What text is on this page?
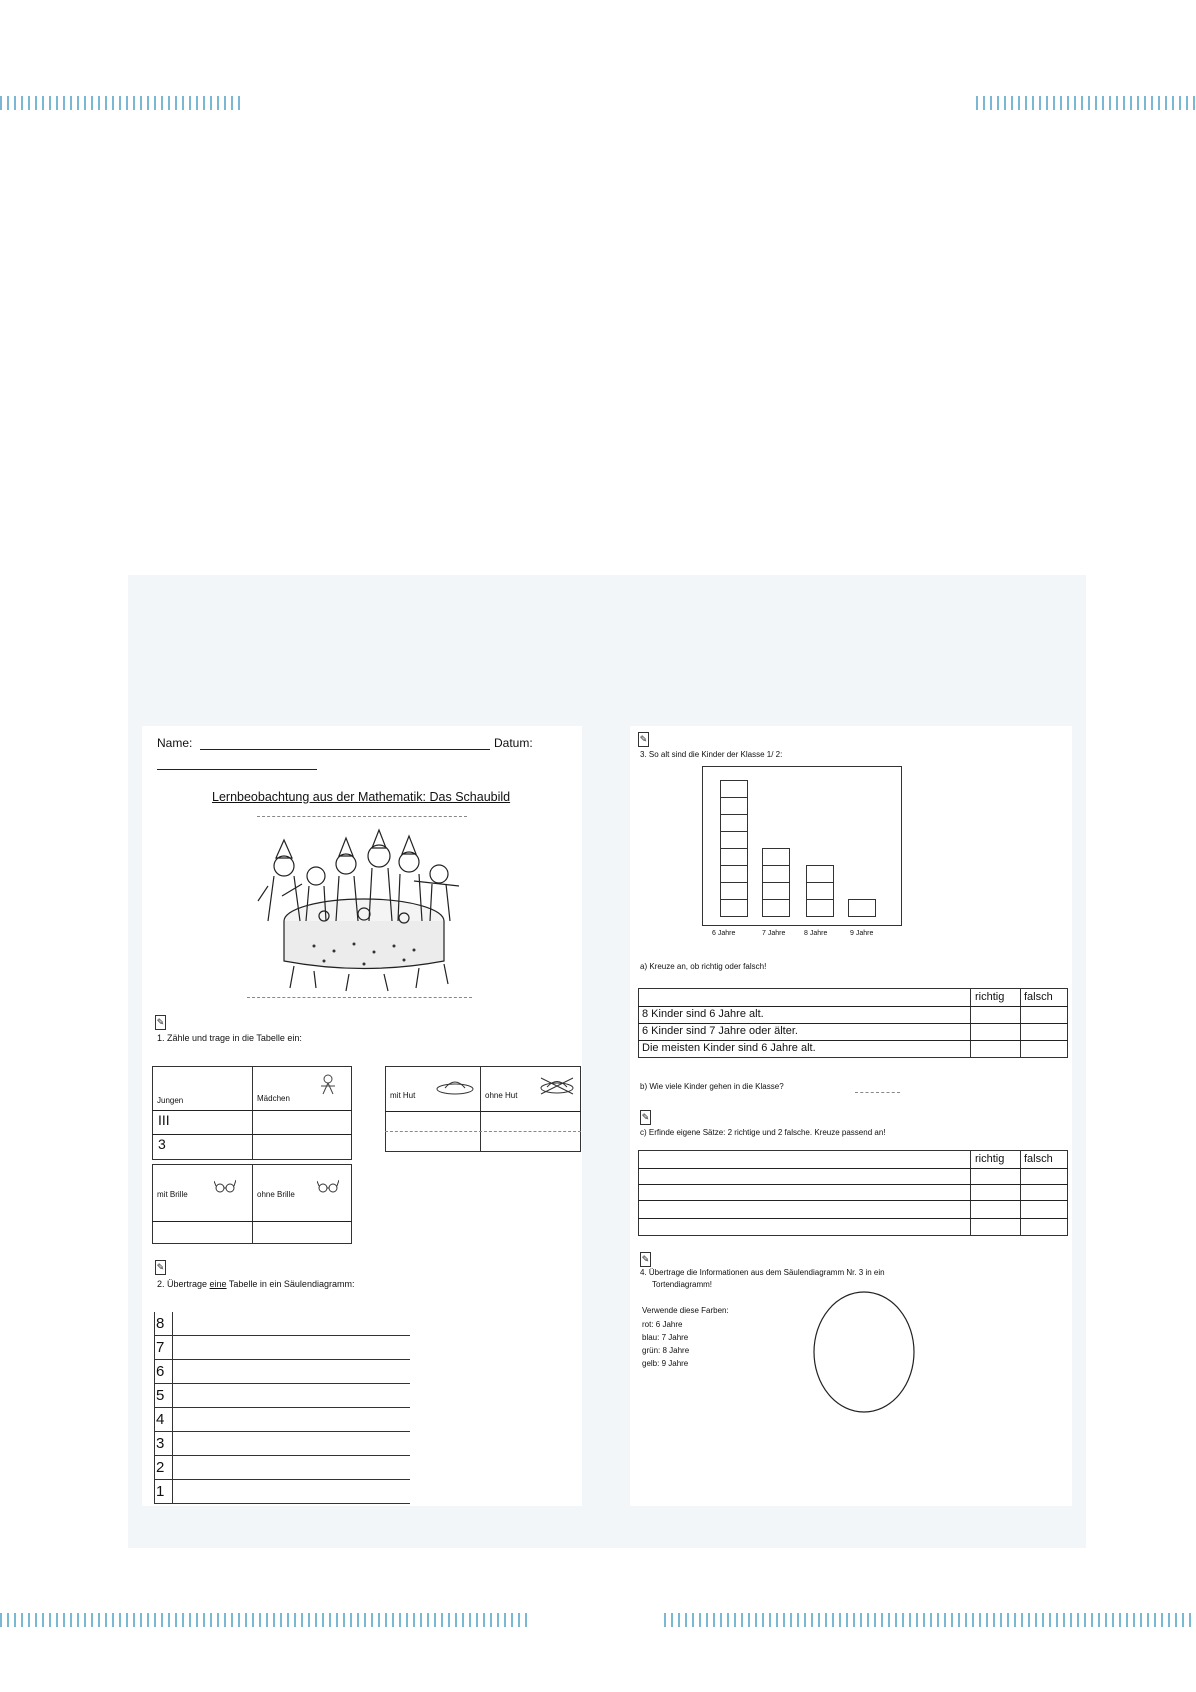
Name:	Datum:
Lernbeobachtung aus der Mathematik: Das Schaubild
✎
1. Zähle und trage in die Tabelle ein:
Jungen	Mädchen
III
3
mit Hut	ohne Hut
mit Brille	ohne Brille
✎
2. Übertrage eine Tabelle in ein Säulendiagramm:
8
7
6
5
4
3
2
1
✎
3. So alt sind die Kinder der Klasse 1/ 2:
6 Jahre	7 Jahre	8 Jahre	9 Jahre
a) Kreuze an, ob richtig oder falsch!
richtig falsch
8 Kinder sind 6 Jahre alt.
6 Kinder sind 7 Jahre oder älter.
Die meisten Kinder sind 6 Jahre alt.
b) Wie viele Kinder gehen in die Klasse?
✎
c) Erfinde eigene Sätze: 2 richtige und 2 falsche. Kreuze passend an!
richtig falsch
✎
4. Übertrage die Informationen aus dem Säulendiagramm Nr. 3 in ein
Tortendiagramm!
Verwende diese Farben:
rot: 6 Jahre
blau: 7 Jahre
grün: 8 Jahre
gelb: 9 Jahre
